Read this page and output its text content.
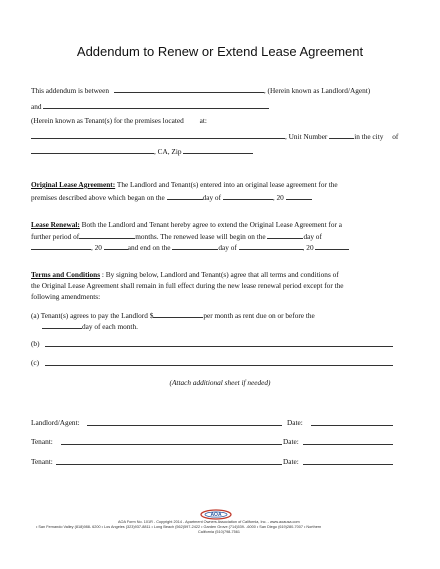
Addendum to Renew or Extend Lease Agreement
This addendum is between	, (Herein known as Landlord/Agent)
and
(Herein known as Tenant(s) for the premises located at:
, Unit Number	in the city of
, CA, Zip
Original Lease Agreement: The Landlord and Tenant(s) entered into an original lease agreement for the
premises described above which began on the	day of	, 20
Lease Renewal: Both the Landlord and Tenant hereby agree to extend the Original Lease Agreement for a
further period of	months. The renewed lease will begin on the	day of
, 20	and end on the	day of	, 20
Terms and Conditions : By signing below, Landlord and Tenant(s) agree that all terms and conditions of
the Original Lease Agreement shall remain in full effect during the new lease renewal period except for the
following amendments:
(a) Tenant(s) agrees to pay the Landlord $	per month as rent due on or before the
day of each month.
(b)
(c)
(Attach additional sheet if needed)
Landlord/Agent:	Date:
Tenant:	Date:
Tenant:	Date:
AOA
AOA Form No. 101R - Copyright 2014 - Apartment Owners Association of California, Inc. - www.aoausa.com
• San Fernando Valley (818)988- 6200 • Los Angeles (323)937-8811 • Long Beach (562)597-2422 • Garden Grove (714)539- -6000 • San Diego (619)280-7007 • Northern
California (510)798-7561
